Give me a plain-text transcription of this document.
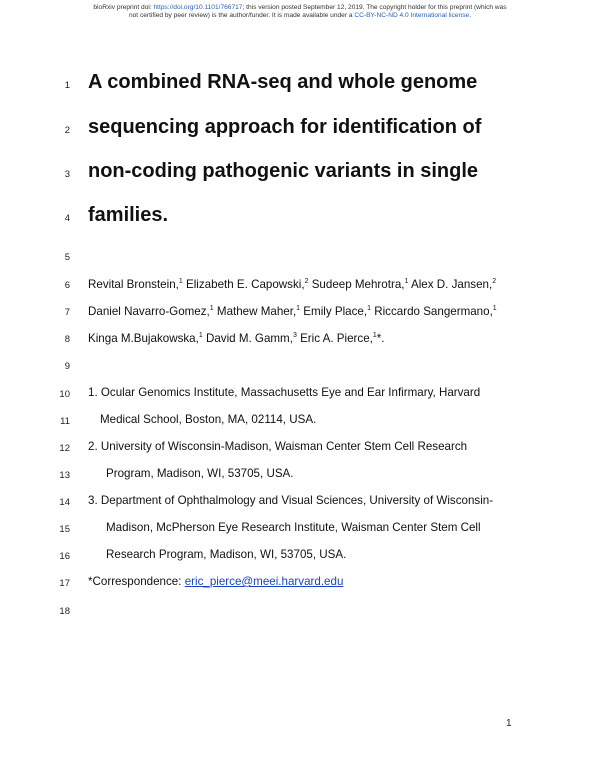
bioRxiv preprint doi: https://doi.org/10.1101/766717; this version posted September 12, 2019. The copyright holder for this preprint (which was
not certified by peer review) is the author/funder. It is made available under a CC-BY-NC-ND 4.0 International license.
1
2
3
4
5
6
7
8
9
10
11
12
13
14
15
16
17
18
A combined RNA-seq and whole genome
sequencing approach for identification of
non-coding pathogenic variants in single
families.
Revital Bronstein,$^1$ Elizabeth E. Capowski,$^2$ Sudeep Mehrotra,$^1$ Alex D. Jansen,$^2$
Daniel Navarro-Gomez,$^1$ Mathew Maher,$^1$ Emily Place,$^1$ Riccardo Sangermano,$^1$
Kinga M.Bujakowska,$^1$ David M. Gamm,$^3$ Eric A. Pierce,$^1$*.
1. Ocular Genomics Institute, Massachusetts Eye and Ear Infirmary, Harvard
Medical School, Boston, MA, 02114, USA.
2. University of Wisconsin-Madison, Waisman Center Stem Cell Research
Program, Madison, WI, 53705, USA.
3. Department of Ophthalmology and Visual Sciences, University of Wisconsin-
Madison, McPherson Eye Research Institute, Waisman Center Stem Cell
Research Program, Madison, WI, 53705, USA.
*Correspondence: eric_pierce@meei.harvard.edu
1
